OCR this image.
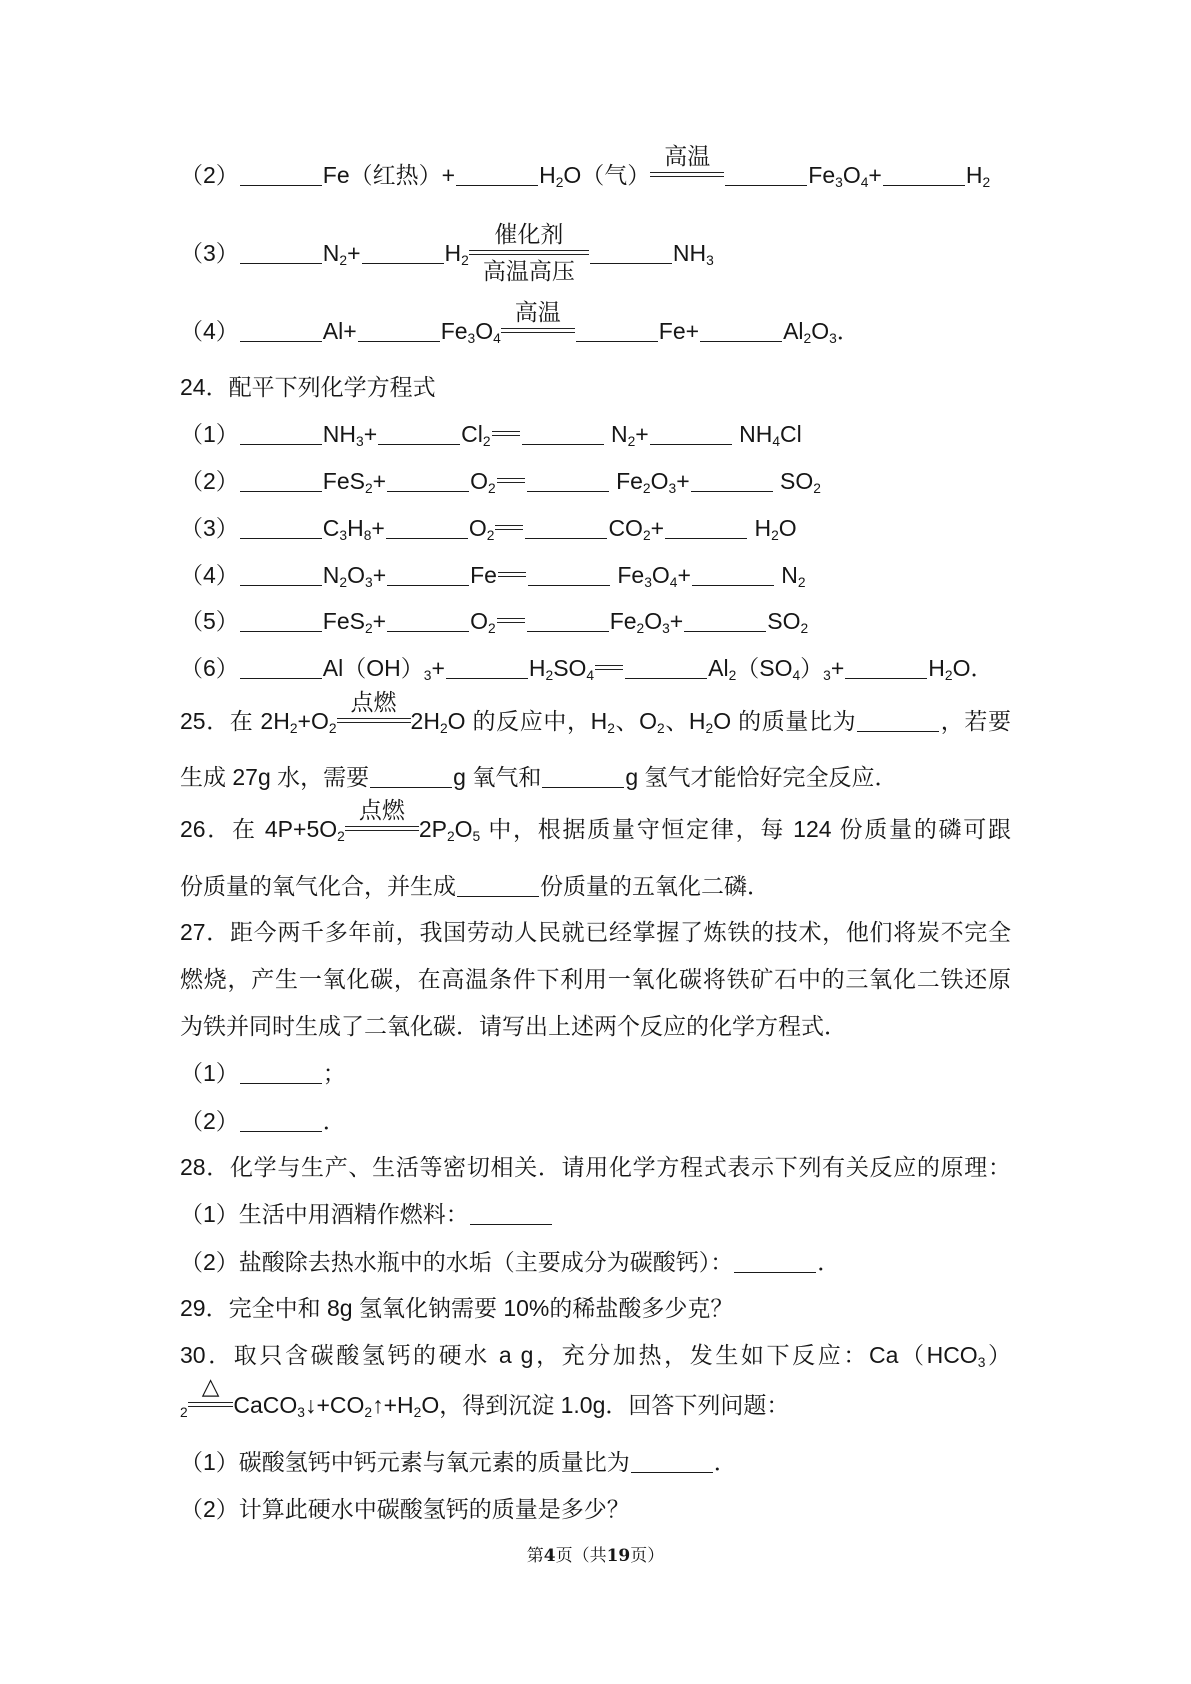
（2）	Fe（红热）+	$H_2O$（气）
高温
$Fe_3O_4+$	$H_2$
（3）	$N_2+$	$H_2$
催化剂
高温高压
$NH_3$
（4）	Al+	$Fe_3O_4$
高温
Fe+	$Al_2O_3$．
24．配平下列化学方程式
（1）	$NH_3+$	$Cl_2$	$N_2+$	$NH_4Cl$
（2）	FeS$_2$+	$O_2$	$Fe_2O_3+$	$SO_2$
（3）	$C_3H_8+$	$O_2$	$CO_2+$	$H_2O$
（4）	$N_2O_3+$	Fe	$Fe_3O_4+$	$N_2$
（5）	FeS$_2$+	$O_2$	$Fe_2O_3+$	$SO_2$
（6）	$Al(OH)_3+$	$H_2SO_4$	$Al_2(SO_4)_3+$	$H_2O$．
25．在 $2H_2+O_2$
点燃
$2H_2O$ 的反应中，$H_2$、$O_2$、$H_2O$ 的质量比为	，若要
生成 27g 水，需要	g 氧气和	g 氢气才能恰好完全反应．
26．在 $4P+5O_2$
点燃
$2P_2O_5$ 中，根据质量守恒定律，每 124 份质量的磷可跟
份质量的氧气化合，并生成	份质量的五氧化二磷．
27．距今两千多年前，我国劳动人民就已经掌握了炼铁的技术，他们将炭不完全
燃烧，产生一氧化碳，在高温条件下利用一氧化碳将铁矿石中的三氧化二铁还原
为铁并同时生成了二氧化碳．请写出上述两个反应的化学方程式．
（1）	；
（2）	．
28．化学与生产、生活等密切相关．请用化学方程式表示下列有关反应的原理：
（1）生活中用酒精作燃料：
（2）盐酸除去热水瓶中的水垢（主要成分为碳酸钙）：	．
29．完全中和 8g 氢氧化钠需要 10%的稀盐酸多少克？
30．取只含碳酸氢钙的硬水 a g，充分加热，发生如下反应：$Ca(HCO_3)$
$_2$
△
$CaCO_3↓+CO_2↑+H_2O$，得到沉淀 1.0g．回答下列问题：
（1）碳酸氢钙中钙元素与氧元素的质量比为	．
（2）计算此硬水中碳酸氢钙的质量是多少？
第4页（共19页）
